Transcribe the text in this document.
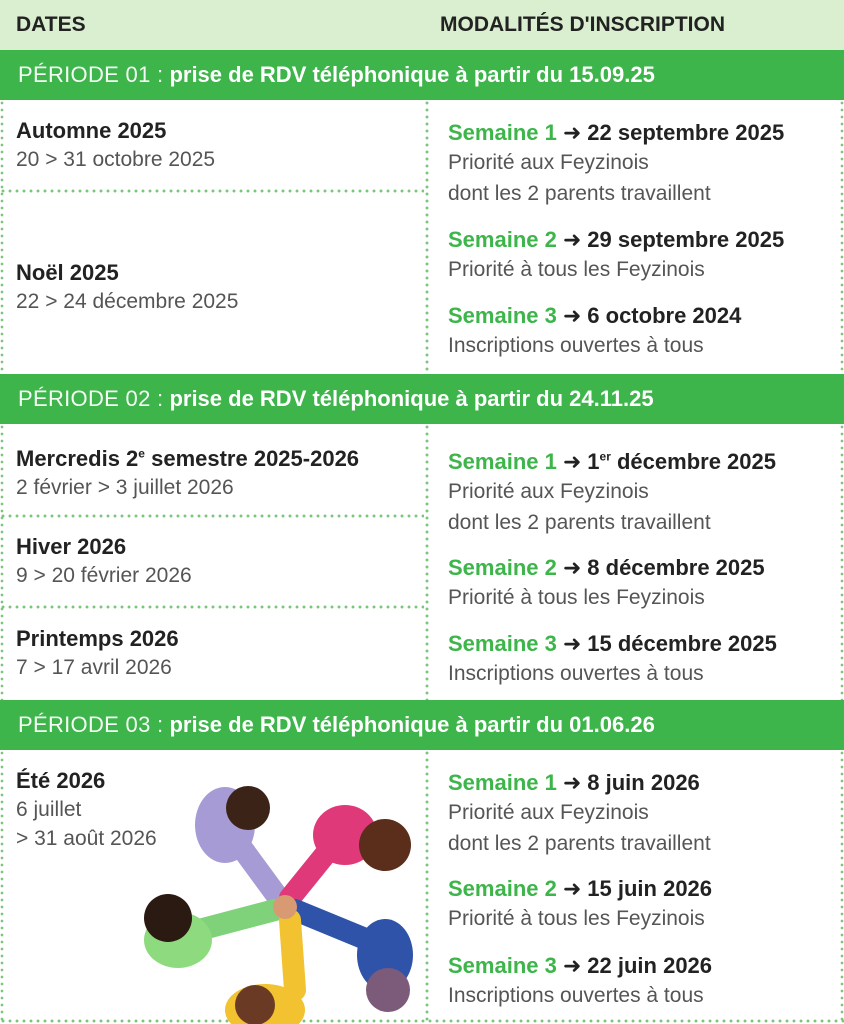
DATES	MODALITÉS D'INSCRIPTION
PÉRIODE 01 : prise de RDV téléphonique à partir du 15.09.25
Automne 2025
20 > 31 octobre 2025
Noël 2025
22 > 24 décembre 2025
Semaine 1 ➜ 22 septembre 2025
Priorité aux Feyzinois
dont les 2 parents travaillent
Semaine 2 ➜ 29 septembre 2025
Priorité à tous les Feyzinois
Semaine 3 ➜ 6 octobre 2024
Inscriptions ouvertes à tous
PÉRIODE 02 : prise de RDV téléphonique à partir du 24.11.25
Mercredis 2e semestre 2025-2026
2 février > 3 juillet 2026
Hiver 2026
9 > 20 février 2026
Printemps 2026
7 > 17 avril 2026
Semaine 1 ➜ 1er décembre 2025
Priorité aux Feyzinois
dont les 2 parents travaillent
Semaine 2 ➜ 8 décembre 2025
Priorité à tous les Feyzinois
Semaine 3 ➜ 15 décembre 2025
Inscriptions ouvertes à tous
PÉRIODE 03 : prise de RDV téléphonique à partir du 01.06.26
Été 2026
6 juillet
> 31 août 2026
Semaine 1 ➜ 8 juin 2026
Priorité aux Feyzinois
dont les 2 parents travaillent
Semaine 2 ➜ 15 juin 2026
Priorité à tous les Feyzinois
Semaine 3 ➜ 22 juin 2026
Inscriptions ouvertes à tous
